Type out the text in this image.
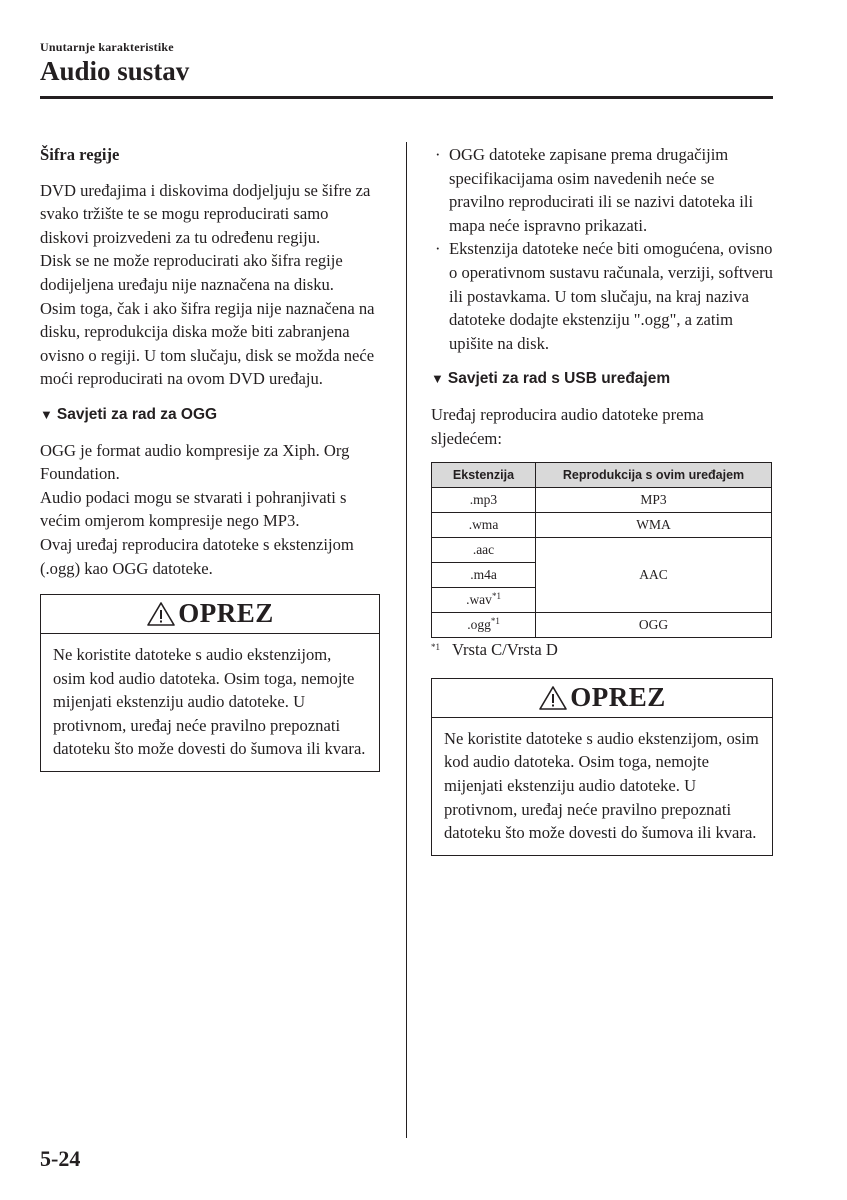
Unutarnje karakteristike
Audio sustav

Šifra regije

DVD uređajima i diskovima dodjeljuju se šifre za svako tržište te se mogu reproducirati samo diskovi proizvedeni za tu određenu regiju.

Disk se ne može reproducirati ako šifra regije dodijeljena uređaju nije naznačena na disku.

Osim toga, čak i ako šifra regija nije naznačena na disku, reprodukcija diska može biti zabranjena ovisno o regiji. U tom slučaju, disk se možda neće moći reproducirati na ovom DVD uređaju.

▼ Savjeti za rad za OGG

OGG je format audio kompresije za Xiph. Org Foundation.

Audio podaci mogu se stvarati i pohranjivati s većim omjerom kompresije nego MP3.

Ovaj uređaj reproducira datoteke s ekstenzijom (.ogg) kao OGG datoteke.

OPREZ
Ne koristite datoteke s audio ekstenzijom, osim kod audio datoteka. Osim toga, nemojte mijenjati ekstenziju audio datoteke. U protivnom, uređaj neće pravilno prepoznati datoteku što može dovesti do šumova ili kvara.
· OGG datoteke zapisane prema drugačijim specifikacijama osim navedenih neće se pravilno reproducirati ili se nazivi datoteka ili mapa neće ispravno prikazati.
· Ekstenzija datoteke neće biti omogućena, ovisno o operativnom sustavu računala, verziji, softveru ili postavkama. U tom slučaju, na kraj naziva datoteke dodajte ekstenziju ".ogg", a zatim upišite na disk.

▼ Savjeti za rad s USB uređajem

Uređaj reproducira audio datoteke prema sljedećem:

Ekstenzija	Reprodukcija s ovim uređajem
.mp3	MP3
.wma	WMA
.aac	AAC
.m4a	
.wav$^{*1}$
.ogg$^{*1}$	OGG

$^{*1}$ Vrsta C/Vrsta D

OPREZ
Ne koristite datoteke s audio ekstenzijom, osim kod audio datoteka. Osim toga, nemojte mijenjati ekstenziju audio datoteke. U protivnom, uređaj neće pravilno prepoznati datoteku što može dovesti do šumova ili kvara.
5-24
